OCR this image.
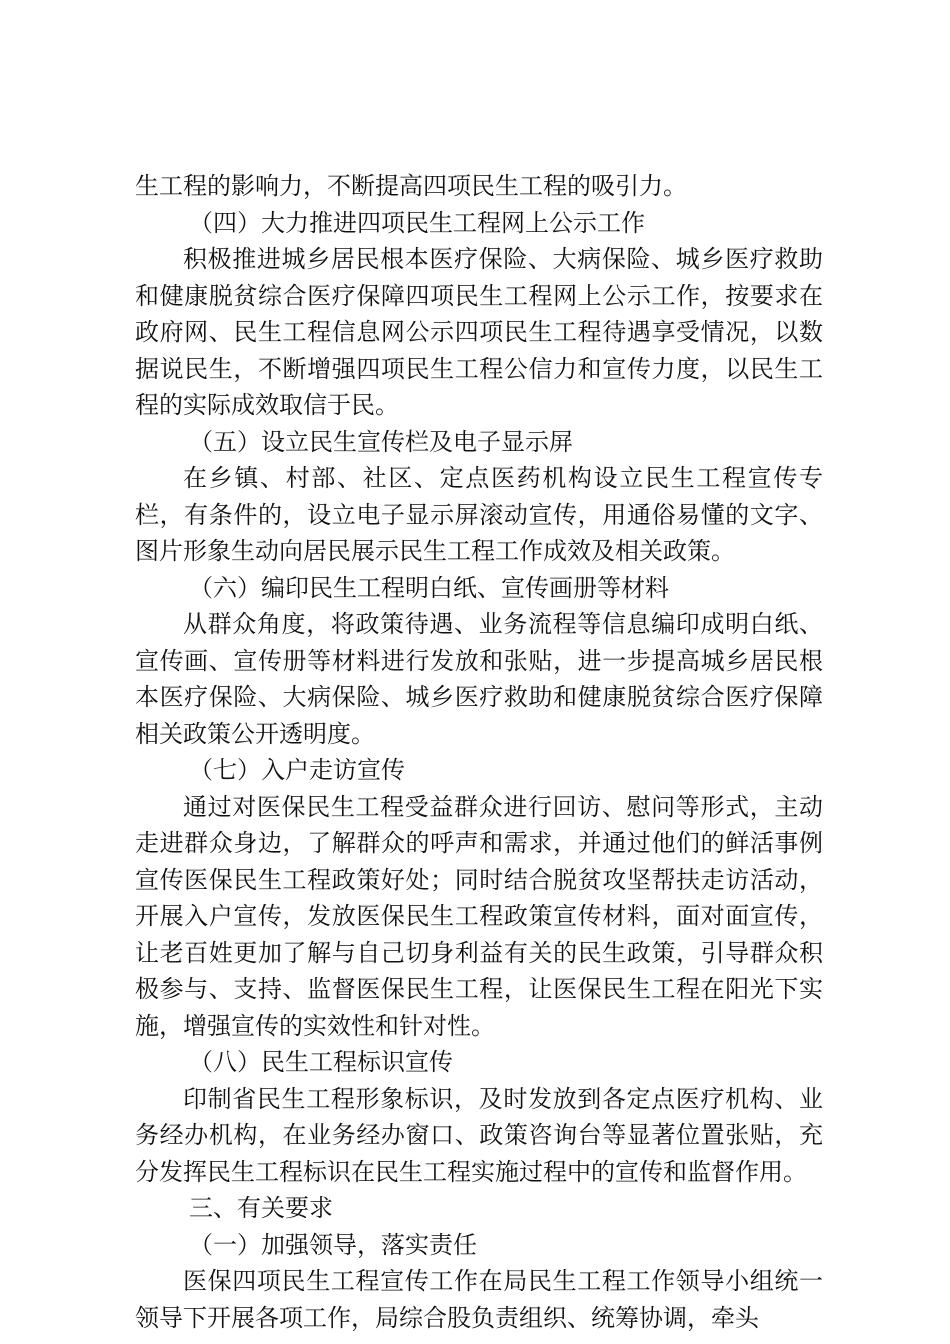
生工程的影响力，不断提高四项民生工程的吸引力。

（四）大力推进四项民生工程网上公示工作

积极推进城乡居民根本医疗保险、大病保险、城乡医疗救助和健康脱贫综合医疗保障四项民生工程网上公示工作，按要求在政府网、民生工程信息网公示四项民生工程待遇享受情况，以数据说民生，不断增强四项民生工程公信力和宣传力度，以民生工程的实际成效取信于民。

（五）设立民生宣传栏及电子显示屏

在乡镇、村部、社区、定点医药机构设立民生工程宣传专栏，有条件的，设立电子显示屏滚动宣传，用通俗易懂的文字、图片形象生动向居民展示民生工程工作成效及相关政策。

（六）编印民生工程明白纸、宣传画册等材料

从群众角度，将政策待遇、业务流程等信息编印成明白纸、宣传画、宣传册等材料进行发放和张贴，进一步提高城乡居民根本医疗保险、大病保险、城乡医疗救助和健康脱贫综合医疗保障相关政策公开透明度。

（七）入户走访宣传

通过对医保民生工程受益群众进行回访、慰问等形式，主动走进群众身边，了解群众的呼声和需求，并通过他们的鲜活事例宣传医保民生工程政策好处；同时结合脱贫攻坚帮扶走访活动，开展入户宣传，发放医保民生工程政策宣传材料，面对面宣传，让老百姓更加了解与自己切身利益有关的民生政策，引导群众积极参与、支持、监督医保民生工程，让医保民生工程在阳光下实施，增强宣传的实效性和针对性。

（八）民生工程标识宣传

印制省民生工程形象标识，及时发放到各定点医疗机构、业务经办机构，在业务经办窗口、政策咨询台等显著位置张贴，充分发挥民生工程标识在民生工程实施过程中的宣传和监督作用。

三、有关要求

（一）加强领导，落实责任

医保四项民生工程宣传工作在局民生工程工作领导小组统一领导下开展各项工作，局综合股负责组织、统筹协调，牵头
